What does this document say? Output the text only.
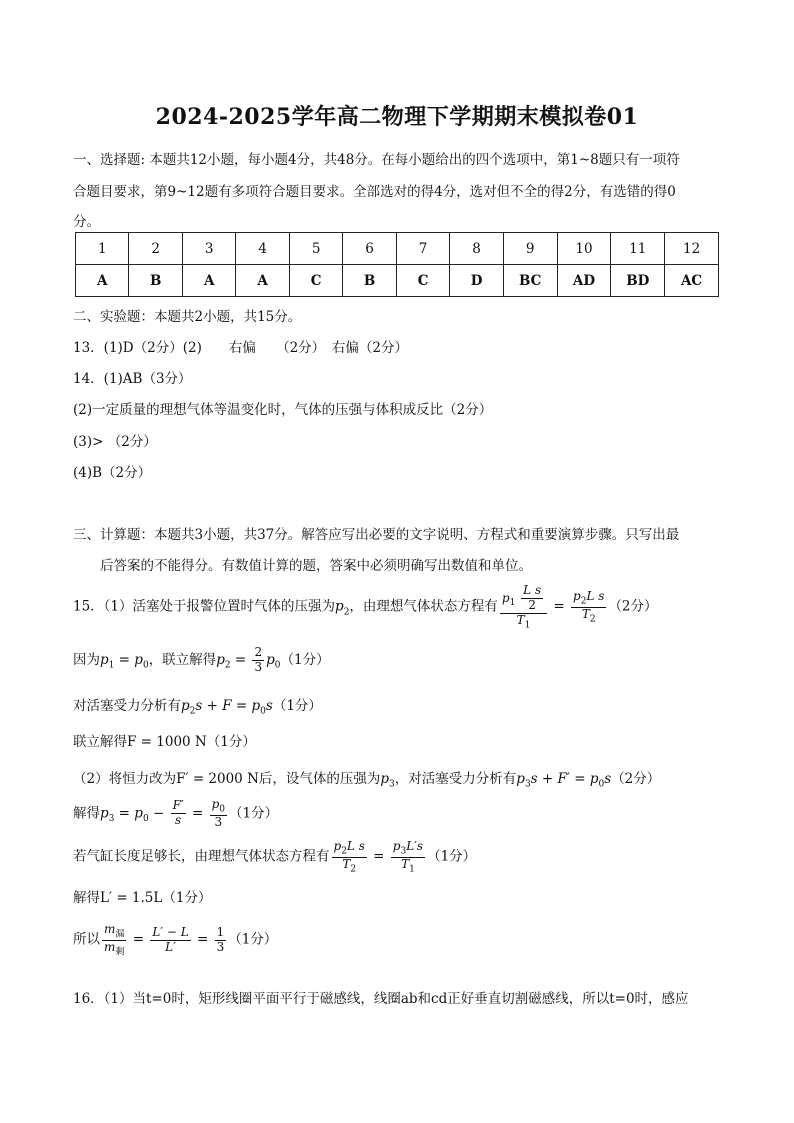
2024-2025学年高二物理下学期期末模拟卷01
一、选择题: 本题共12小题，每小题4分，共48分。在每小题给出的四个选项中，第1~8题只有一项符
合题目要求，第9~12题有多项符合题目要求。全部选对的得4分，选对但不全的得2分，有选错的得0
分。
1	2	3	4	5	6	7	8	9	10	11	12
A	B	A	A	C	B	C	D	BC	AD	BD	AC
二、实验题：本题共2小题，共15分。
13．(1)D（2分）(2)　　右偏　　（2分）　右偏（2分）
14．(1)AB（3分）
(2)一定质量的理想气体等温变化时，气体的压强与体积成反比（2分）
(3)> （2分）
(4)B（2分）
三、计算题：本题共3小题，共37分。解答应写出必要的文字说明、方程式和重要演算步骤。只写出最
后答案的不能得分。有数值计算的题，答案中必须明确写出数值和单位。
15．（1）活塞处于报警位置时气体的压强为$p_2$，由理想气体状态方程有 $\frac{p_1 \frac{\text{L s}}{2}}{T_1} = \frac{p_2L s}{T_2} (2$分）
因为$p_1 = p_0$，联立解得$p_2 = \frac{2}{3} p_0(1$分）
对活塞受力分析有$p_2s + F = p_0s(1$分）
联立解得F = 1000 N（1分）
（2）将恒力改为F′ = 2000 N后，设气体的压强为$p_3$，对活塞受力分析有$p_3s + F' = p_0s(2$分）
解得$p_3 = p_0 - \frac{F'}{s} = \frac{p_0}{3} (1$分）
若气缸长度足够长，由理想气体状态方程有 $\frac{p_2L s}{T_2} = \frac{p_3L's}{T_1} (1$分）
解得L′ = 1.5L（1分）
所以 $\frac{m_漏}{m_剩} = \frac{L' - L}{L'} = \frac{1}{3} (1$分）
16．（1）当t=0时，矩形线圈平面平行于磁感线，线圈ab和cd正好垂直切割磁感线，所以t=0时，感应
